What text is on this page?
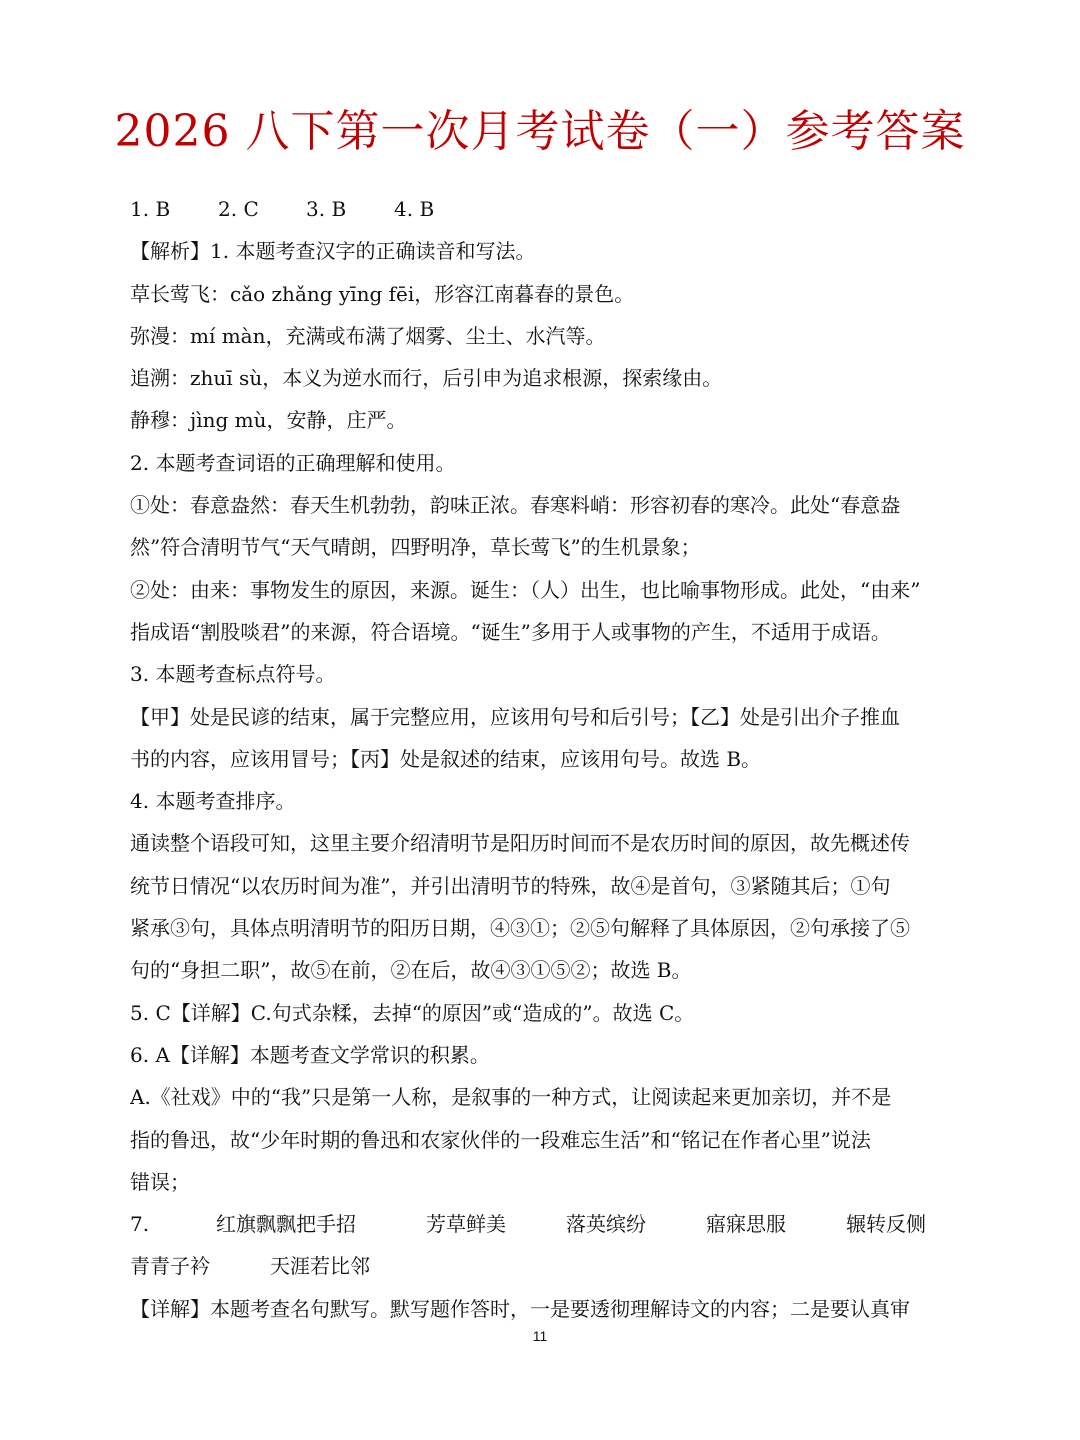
2026 八下第一次月考试卷（一）参考答案
1. B 2. C 3. B 4. B
【解析】1. 本题考查汉字的正确读音和写法。
草长莺飞：cǎo zhǎng yīng fēi，形容江南暮春的景色。
弥漫：mí màn，充满或布满了烟雾、尘土、水汽等。
追溯：zhuī sù，本义为逆水而行，后引申为追求根源，探索缘由。
静穆：jìng mù，安静，庄严。
2. 本题考查词语的正确理解和使用。
①处：春意盎然：春天生机勃勃，韵味正浓。春寒料峭：形容初春的寒冷。此处“春意盎
然”符合清明节气“天气晴朗，四野明净，草长莺飞”的生机景象；
②处：由来：事物发生的原因，来源。诞生：（人）出生，也比喻事物形成。此处，“由来”
指成语“割股啖君”的来源，符合语境。“诞生”多用于人或事物的产生，不适用于成语。
3. 本题考查标点符号。
【甲】处是民谚的结束，属于完整应用，应该用句号和后引号；【乙】处是引出介子推血
书的内容，应该用冒号；【丙】处是叙述的结束，应该用句号。故选 B。
4. 本题考查排序。
通读整个语段可知，这里主要介绍清明节是阳历时间而不是农历时间的原因，故先概述传
统节日情况“以农历时间为准”，并引出清明节的特殊，故④是首句，③紧随其后；①句
紧承③句，具体点明清明节的阳历日期，④③①；②⑤句解释了具体原因，②句承接了⑤
句的“身担二职”，故⑤在前，②在后，故④③①⑤②；故选 B。
5. C【详解】C.句式杂糅，去掉“的原因”或“造成的”。故选 C。
6. A【详解】本题考查文学常识的积累。
A.《社戏》中的“我”只是第一人称，是叙事的一种方式，让阅读起来更加亲切，并不是
指的鲁迅，故“少年时期的鲁迅和农家伙伴的一段难忘生活”和“铭记在作者心里”说法
错误；
7.	红旗飘飘把手招	芳草鲜美	落英缤纷	寤寐思服	辗转反侧
青青子衿	天涯若比邻
【详解】本题考查名句默写。默写题作答时，一是要透彻理解诗文的内容；二是要认真审
11
